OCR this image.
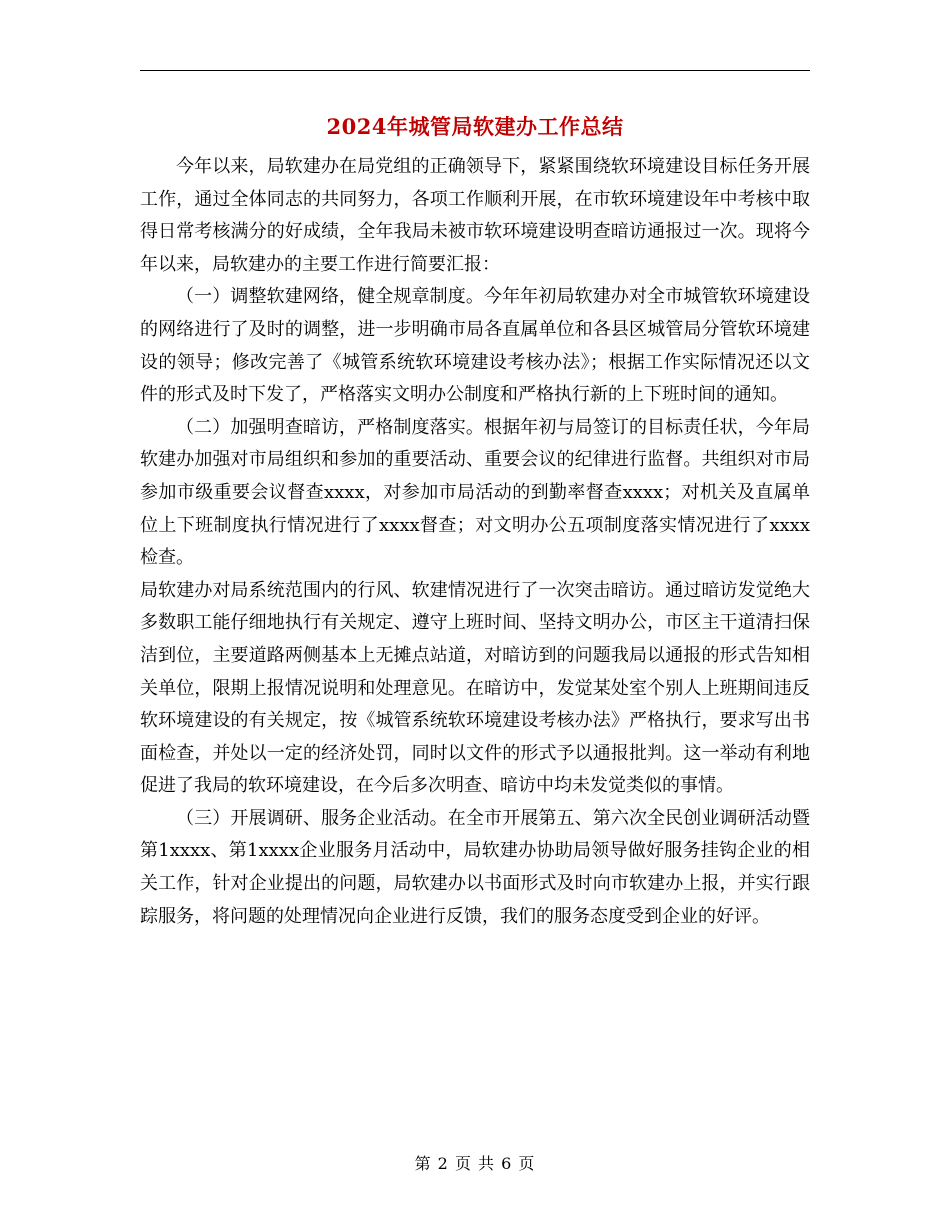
2024年城管局软建办工作总结

今年以来，局软建办在局党组的正确领导下，紧紧围绕软环境建设目标任务开展工作，通过全体同志的共同努力，各项工作顺利开展，在市软环境建设年中考核中取得日常考核满分的好成绩，全年我局未被市软环境建设明查暗访通报过一次。现将今年以来，局软建办的主要工作进行简要汇报：

（一）调整软建网络，健全规章制度。今年年初局软建办对全市城管软环境建设的网络进行了及时的调整，进一步明确市局各直属单位和各县区城管局分管软环境建设的领导；修改完善了《城管系统软环境建设考核办法》；根据工作实际情况还以文件的形式及时下发了，严格落实文明办公制度和严格执行新的上下班时间的通知。

（二）加强明查暗访，严格制度落实。根据年初与局签订的目标责任状，今年局软建办加强对市局组织和参加的重要活动、重要会议的纪律进行监督。共组织对市局参加市级重要会议督查xxxx，对参加市局活动的到勤率督查xxxx；对机关及直属单位上下班制度执行情况进行了xxxx督查；对文明办公五项制度落实情况进行了xxxx检查。

局软建办对局系统范围内的行风、软建情况进行了一次突击暗访。通过暗访发觉绝大多数职工能仔细地执行有关规定、遵守上班时间、坚持文明办公，市区主干道清扫保洁到位，主要道路两侧基本上无摊点站道，对暗访到的问题我局以通报的形式告知相关单位，限期上报情况说明和处理意见。在暗访中，发觉某处室个别人上班期间违反软环境建设的有关规定，按《城管系统软环境建设考核办法》严格执行，要求写出书面检查，并处以一定的经济处罚，同时以文件的形式予以通报批判。这一举动有利地促进了我局的软环境建设，在今后多次明查、暗访中均未发觉类似的事情。

（三）开展调研、服务企业活动。在全市开展第五、第六次全民创业调研活动暨第1xxxx、第1xxxx企业服务月活动中，局软建办协助局领导做好服务挂钩企业的相关工作，针对企业提出的问题，局软建办以书面形式及时向市软建办上报，并实行跟踪服务，将问题的处理情况向企业进行反馈，我们的服务态度受到企业的好评。

第 2 页 共 6 页
